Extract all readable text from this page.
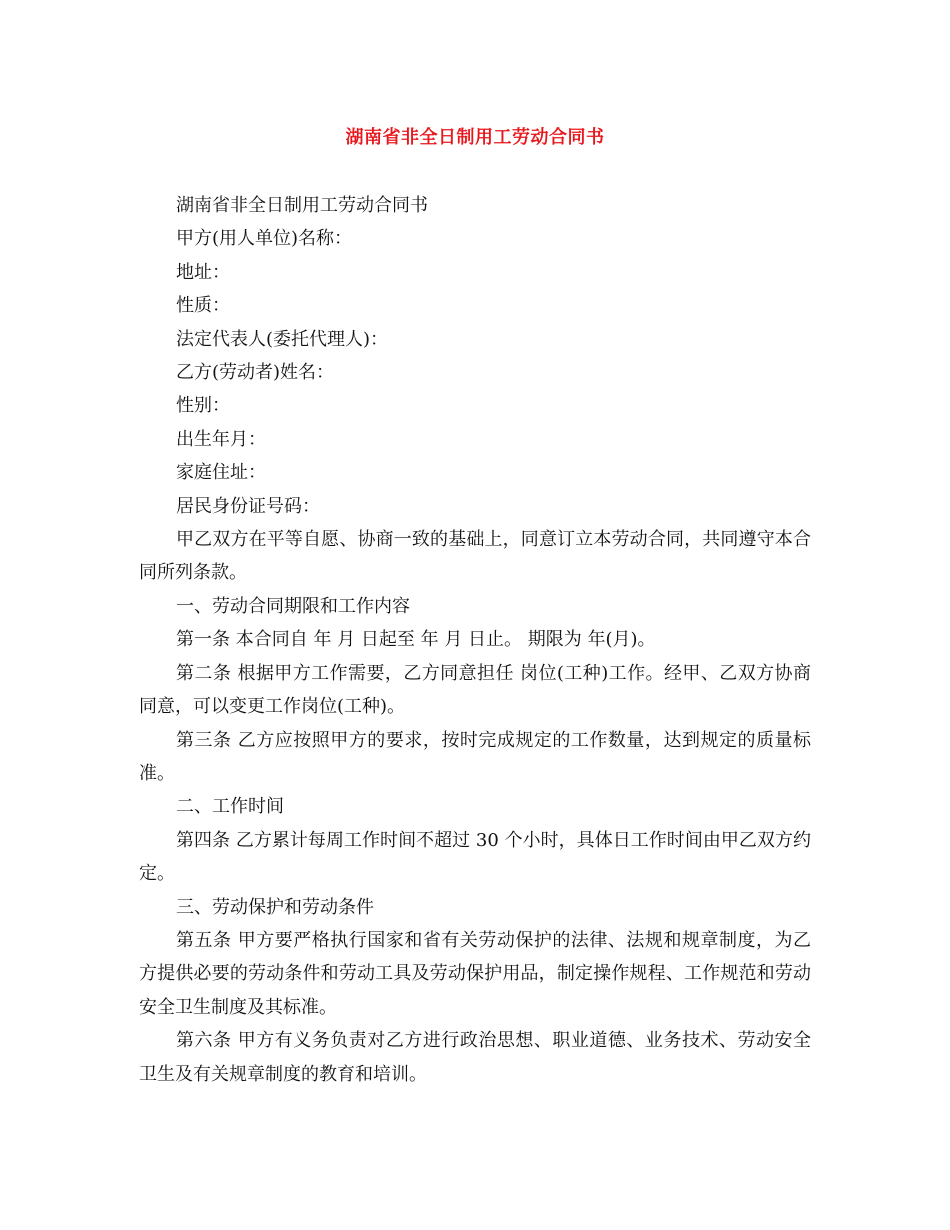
湖南省非全日制用工劳动合同书

湖南省非全日制用工劳动合同书

甲方(用人单位)名称：

地址：

性质：

法定代表人(委托代理人)：

乙方(劳动者)姓名：

性别：

出生年月：

家庭住址：

居民身份证号码：

甲乙双方在平等自愿、协商一致的基础上，同意订立本劳动合同，共同遵守本合同所列条款。

一、劳动合同期限和工作内容

第一条 本合同自 年 月 日起至 年 月 日止。 期限为 年(月)。

第二条 根据甲方工作需要，乙方同意担任 岗位(工种)工作。经甲、乙双方协商同意，可以变更工作岗位(工种)。

第三条 乙方应按照甲方的要求，按时完成规定的工作数量，达到规定的质量标准。

二、工作时间

第四条 乙方累计每周工作时间不超过 30 个小时，具体日工作时间由甲乙双方约定。

三、劳动保护和劳动条件

第五条 甲方要严格执行国家和省有关劳动保护的法律、法规和规章制度，为乙方提供必要的劳动条件和劳动工具及劳动保护用品，制定操作规程、工作规范和劳动安全卫生制度及其标准。

第六条 甲方有义务负责对乙方进行政治思想、职业道德、业务技术、劳动安全卫生及有关规章制度的教育和培训。
